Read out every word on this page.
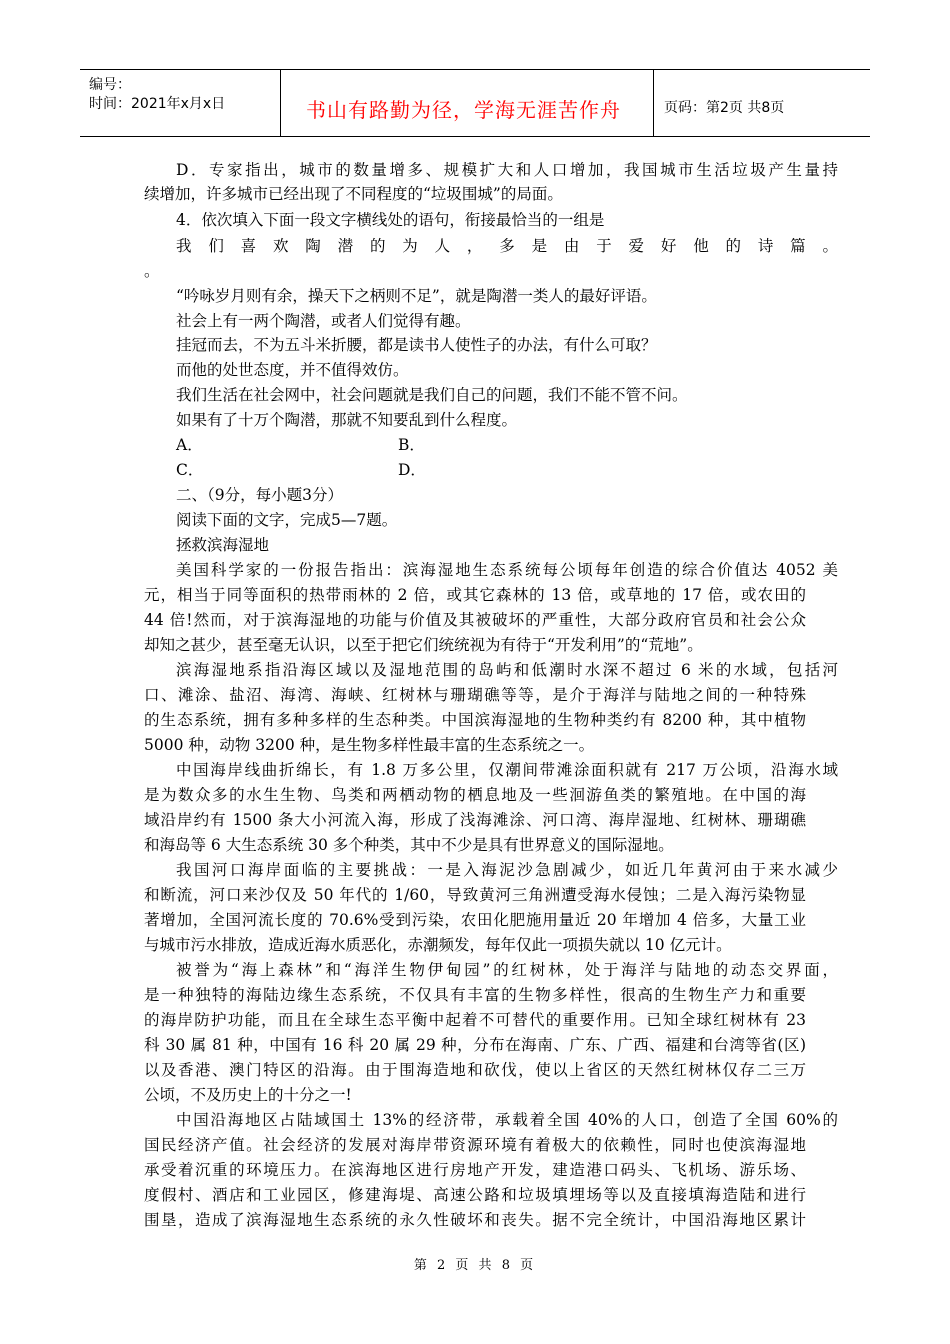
编号：
时间：2021年x月x日	书山有路勤为径，学海无涯苦作舟	页码：第2页 共8页
D．专家指出，城市的数量增多、规模扩大和人口增加，我国城市生活垃圾产生量持
续增加，许多城市已经出现了不同程度的“垃圾围城”的局面。
4．依次填入下面一段文字横线处的语句，衔接最恰当的一组是
我们喜欢陶潜的为人，多是由于爱好他的诗篇。
。
“吟咏岁月则有余，操天下之柄则不足”，就是陶潜一类人的最好评语。
社会上有一两个陶潜，或者人们觉得有趣。
挂冠而去，不为五斗米折腰，都是读书人使性子的办法，有什么可取？
而他的处世态度，并不值得效仿。
我们生活在社会网中，社会问题就是我们自己的问题，我们不能不管不问。
如果有了十万个陶潜，那就不知要乱到什么程度。
A．	B．
C．	D．
二、（9分，每小题3分）
阅读下面的文字，完成5—7题。
拯救滨海湿地
美国科学家的一份报告指出：滨海湿地生态系统每公顷每年创造的综合价值达 4052 美
元，相当于同等面积的热带雨林的 2 倍，或其它森林的 13 倍，或草地的 17 倍，或农田的
44 倍!然而，对于滨海湿地的功能与价值及其被破坏的严重性，大部分政府官员和社会公众
却知之甚少，甚至毫无认识，以至于把它们统统视为有待于“开发利用”的“荒地”。
滨海湿地系指沿海区域以及湿地范围的岛屿和低潮时水深不超过 6 米的水域，包括河
口、滩涂、盐沼、海湾、海峡、红树林与珊瑚礁等等，是介于海洋与陆地之间的一种特殊
的生态系统，拥有多种多样的生态种类。中国滨海湿地的生物种类约有 8200 种，其中植物
5000 种，动物 3200 种，是生物多样性最丰富的生态系统之一。
中国海岸线曲折绵长，有 1.8 万多公里，仅潮间带滩涂面积就有 217 万公顷，沿海水域
是为数众多的水生生物、鸟类和两栖动物的栖息地及一些洄游鱼类的繁殖地。在中国的海
域沿岸约有 1500 条大小河流入海，形成了浅海滩涂、河口湾、海岸湿地、红树林、珊瑚礁
和海岛等 6 大生态系统 30 多个种类，其中不少是具有世界意义的国际湿地。
我国河口海岸面临的主要挑战：一是入海泥沙急剧减少，如近几年黄河由于来水减少
和断流，河口来沙仅及 50 年代的 1/60，导致黄河三角洲遭受海水侵蚀；二是入海污染物显
著增加，全国河流长度的 70.6%受到污染，农田化肥施用量近 20 年增加 4 倍多，大量工业
与城市污水排放，造成近海水质恶化，赤潮频发，每年仅此一项损失就以 10 亿元计。
被誉为“海上森林”和“海洋生物伊甸园”的红树林，处于海洋与陆地的动态交界面，
是一种独特的海陆边缘生态系统，不仅具有丰富的生物多样性，很高的生物生产力和重要
的海岸防护功能，而且在全球生态平衡中起着不可替代的重要作用。已知全球红树林有 23
科 30 属 81 种，中国有 16 科 20 属 29 种，分布在海南、广东、广西、福建和台湾等省(区)
以及香港、澳门特区的沿海。由于围海造地和砍伐，使以上省区的天然红树林仅存二三万
公顷，不及历史上的十分之一!
中国沿海地区占陆域国土 13%的经济带，承载着全国 40%的人口，创造了全国 60%的
国民经济产值。社会经济的发展对海岸带资源环境有着极大的依赖性，同时也使滨海湿地
承受着沉重的环境压力。在滨海地区进行房地产开发，建造港口码头、飞机场、游乐场、
度假村、酒店和工业园区，修建海堤、高速公路和垃圾填埋场等以及直接填海造陆和进行
围垦，造成了滨海湿地生态系统的永久性破坏和丧失。据不完全统计，中国沿海地区累计
第 2 页 共 8 页
